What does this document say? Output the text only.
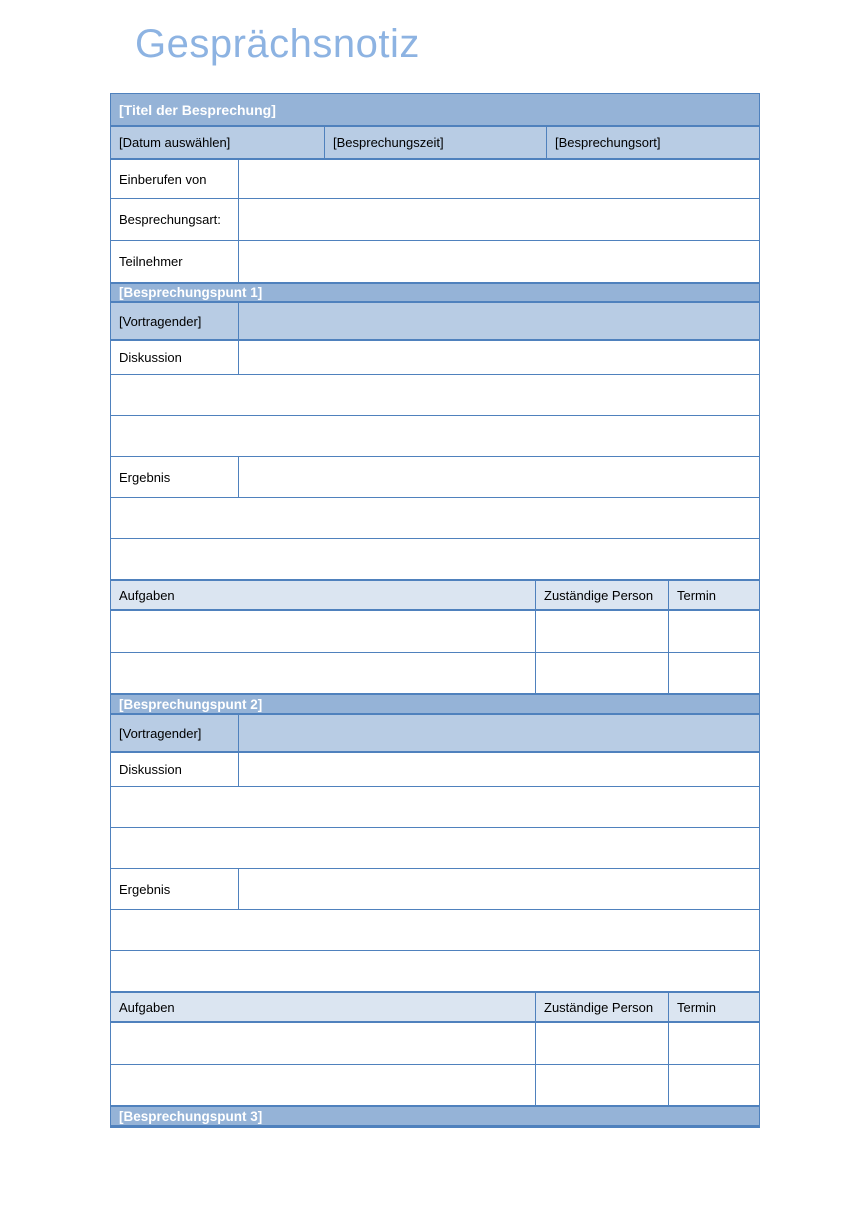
Gesprächsnotiz
[Titel der Besprechung]
[Datum auswählen]	[Besprechungszeit]	[Besprechungsort]
Einberufen von
Besprechungsart:
Teilnehmer
[Besprechungspunt 1]
[Vortragender]
Diskussion
Ergebnis
Aufgaben	Zuständige Person	Termin
[Besprechungspunt 2]
[Vortragender]
Diskussion
Ergebnis
Aufgaben	Zuständige Person	Termin
[Besprechungspunt 3]
